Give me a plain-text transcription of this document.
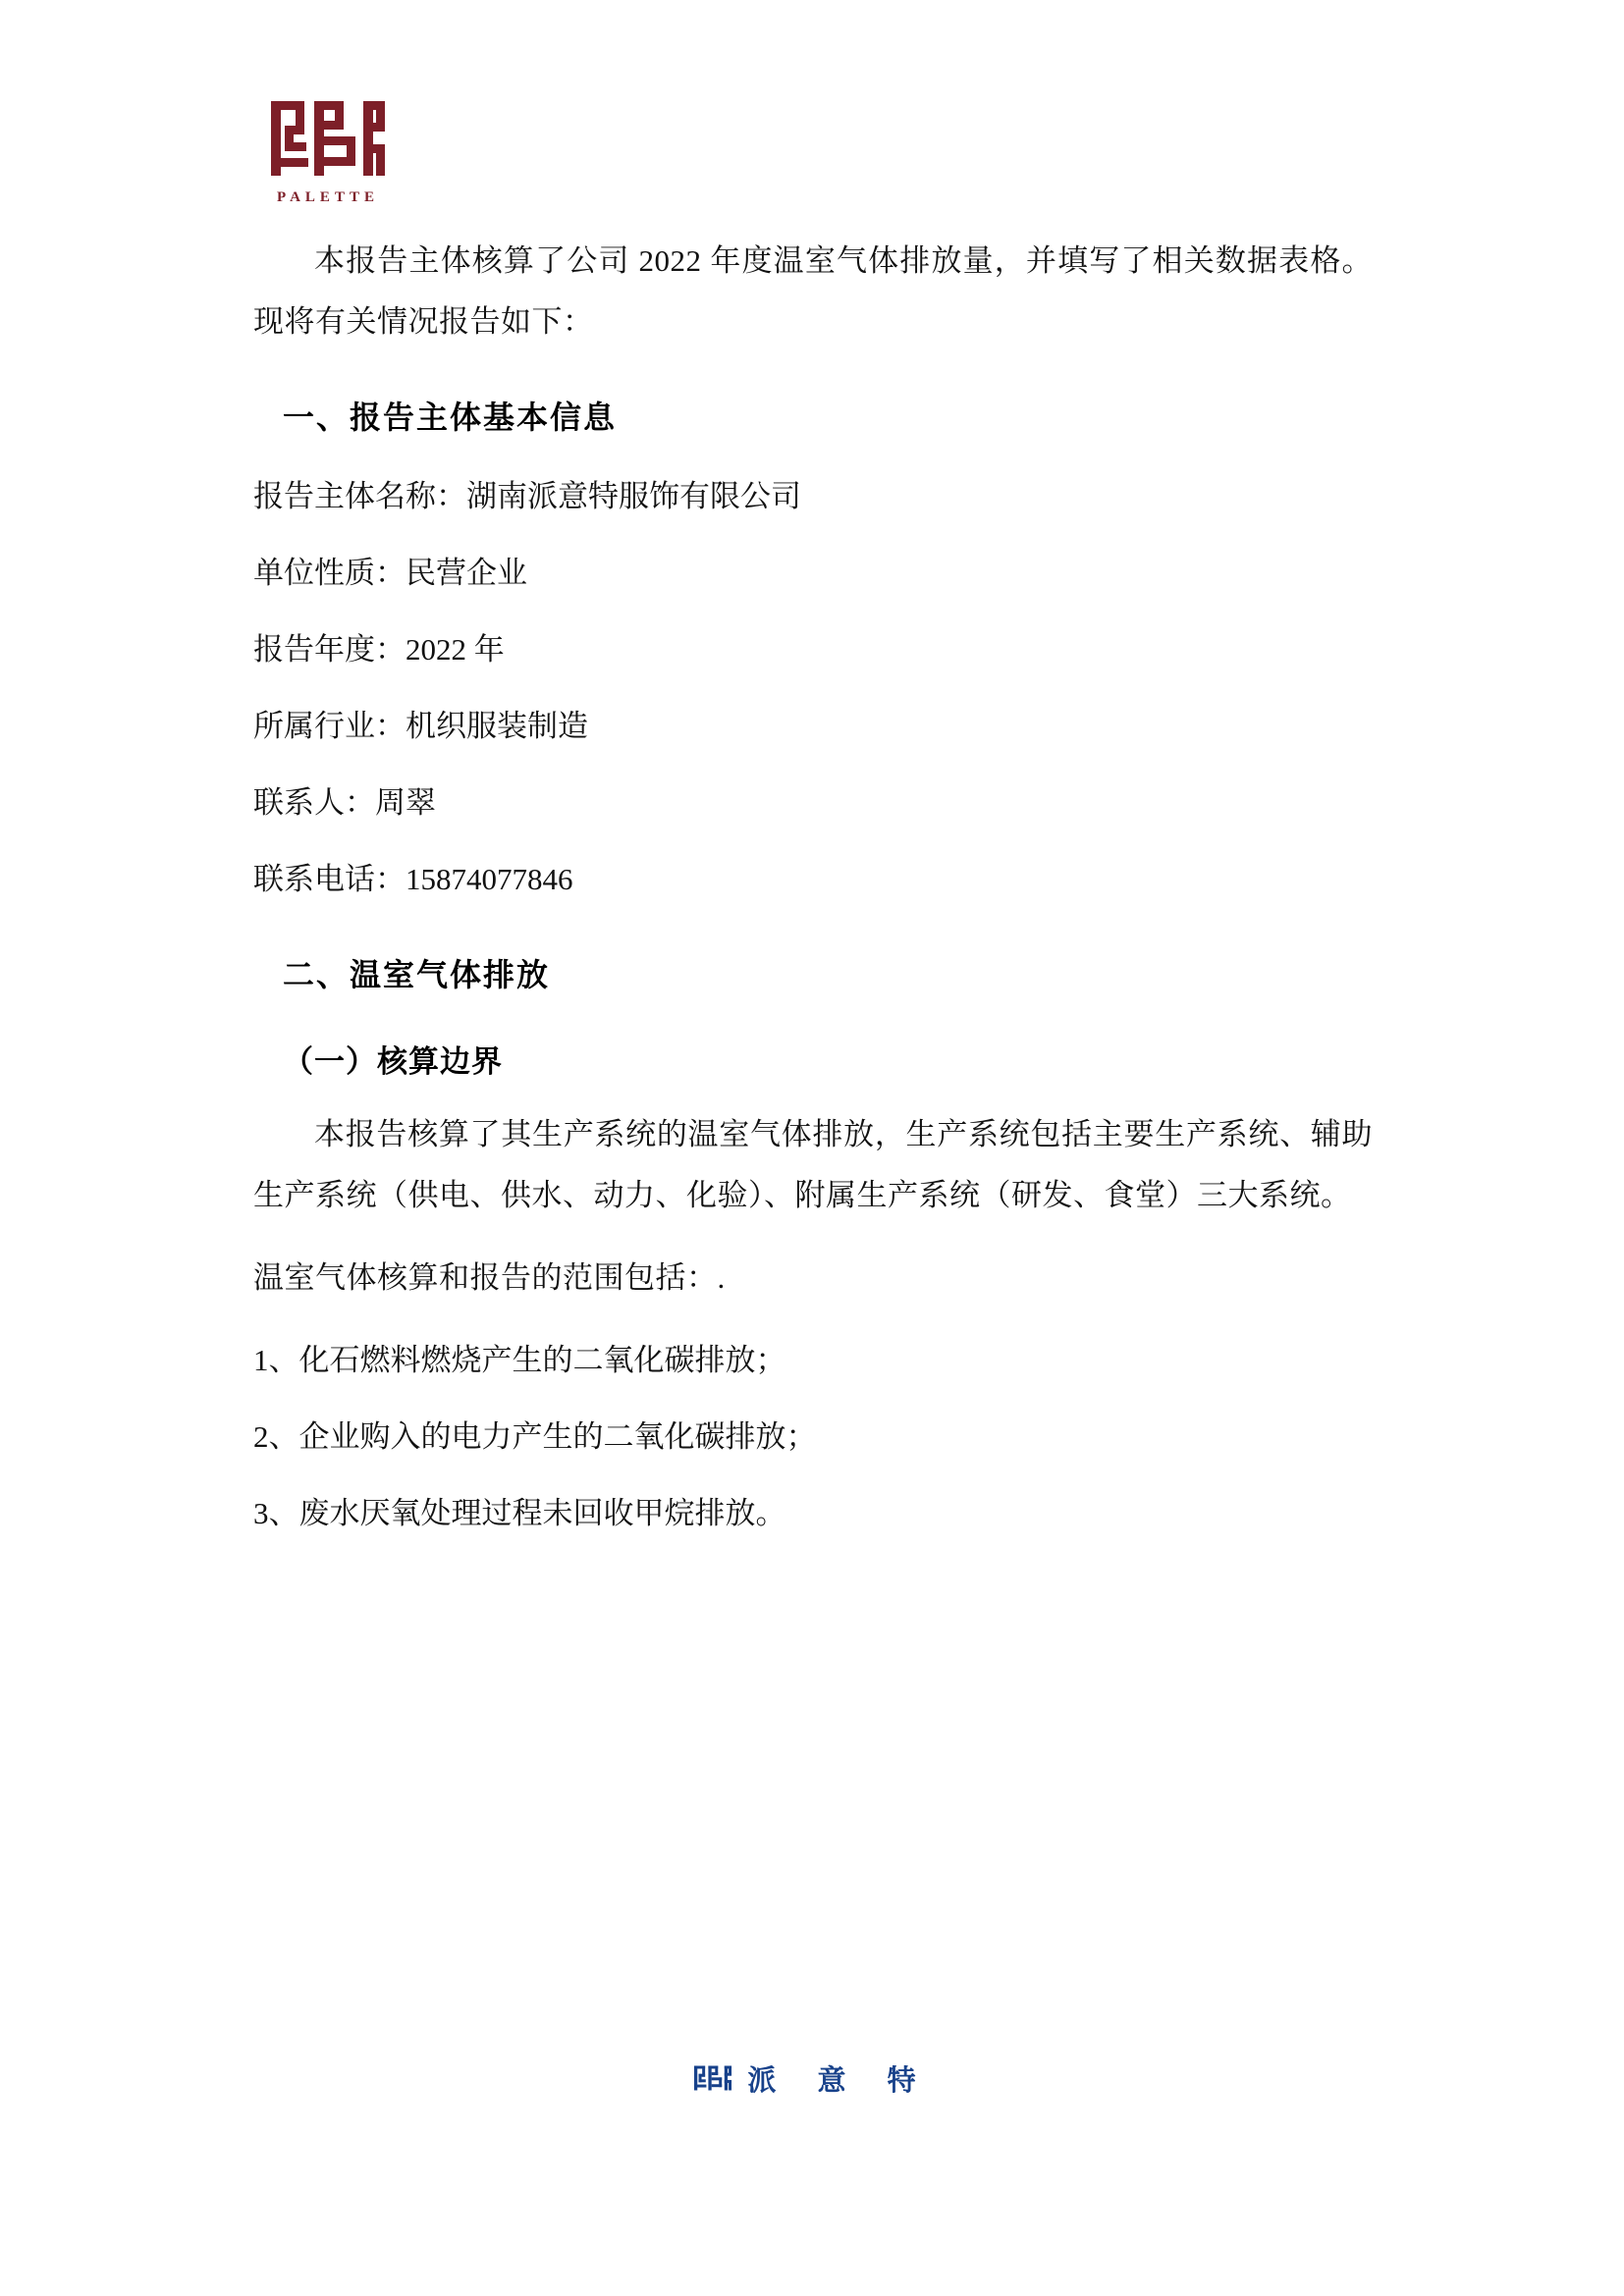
PALETTE

本报告主体核算了公司 2022 年度温室气体排放量，并填写了相关数据表格。现将有关情况报告如下：

一、报告主体基本信息

报告主体名称：湖南派意特服饰有限公司

单位性质：民营企业

报告年度：2022 年

所属行业：机织服装制造

联系人：周翠

联系电话：15874077846

二、温室气体排放
（一）核算边界

本报告核算了其生产系统的温室气体排放，生产系统包括主要生产系统、辅助生产系统（供电、供水、动力、化验）、附属生产系统（研发、食堂）三大系统。

温室气体核算和报告的范围包括：.

1、化石燃料燃烧产生的二氧化碳排放；

2、企业购入的电力产生的二氧化碳排放；

3、废水厌氧处理过程未回收甲烷排放。

派 意 特
